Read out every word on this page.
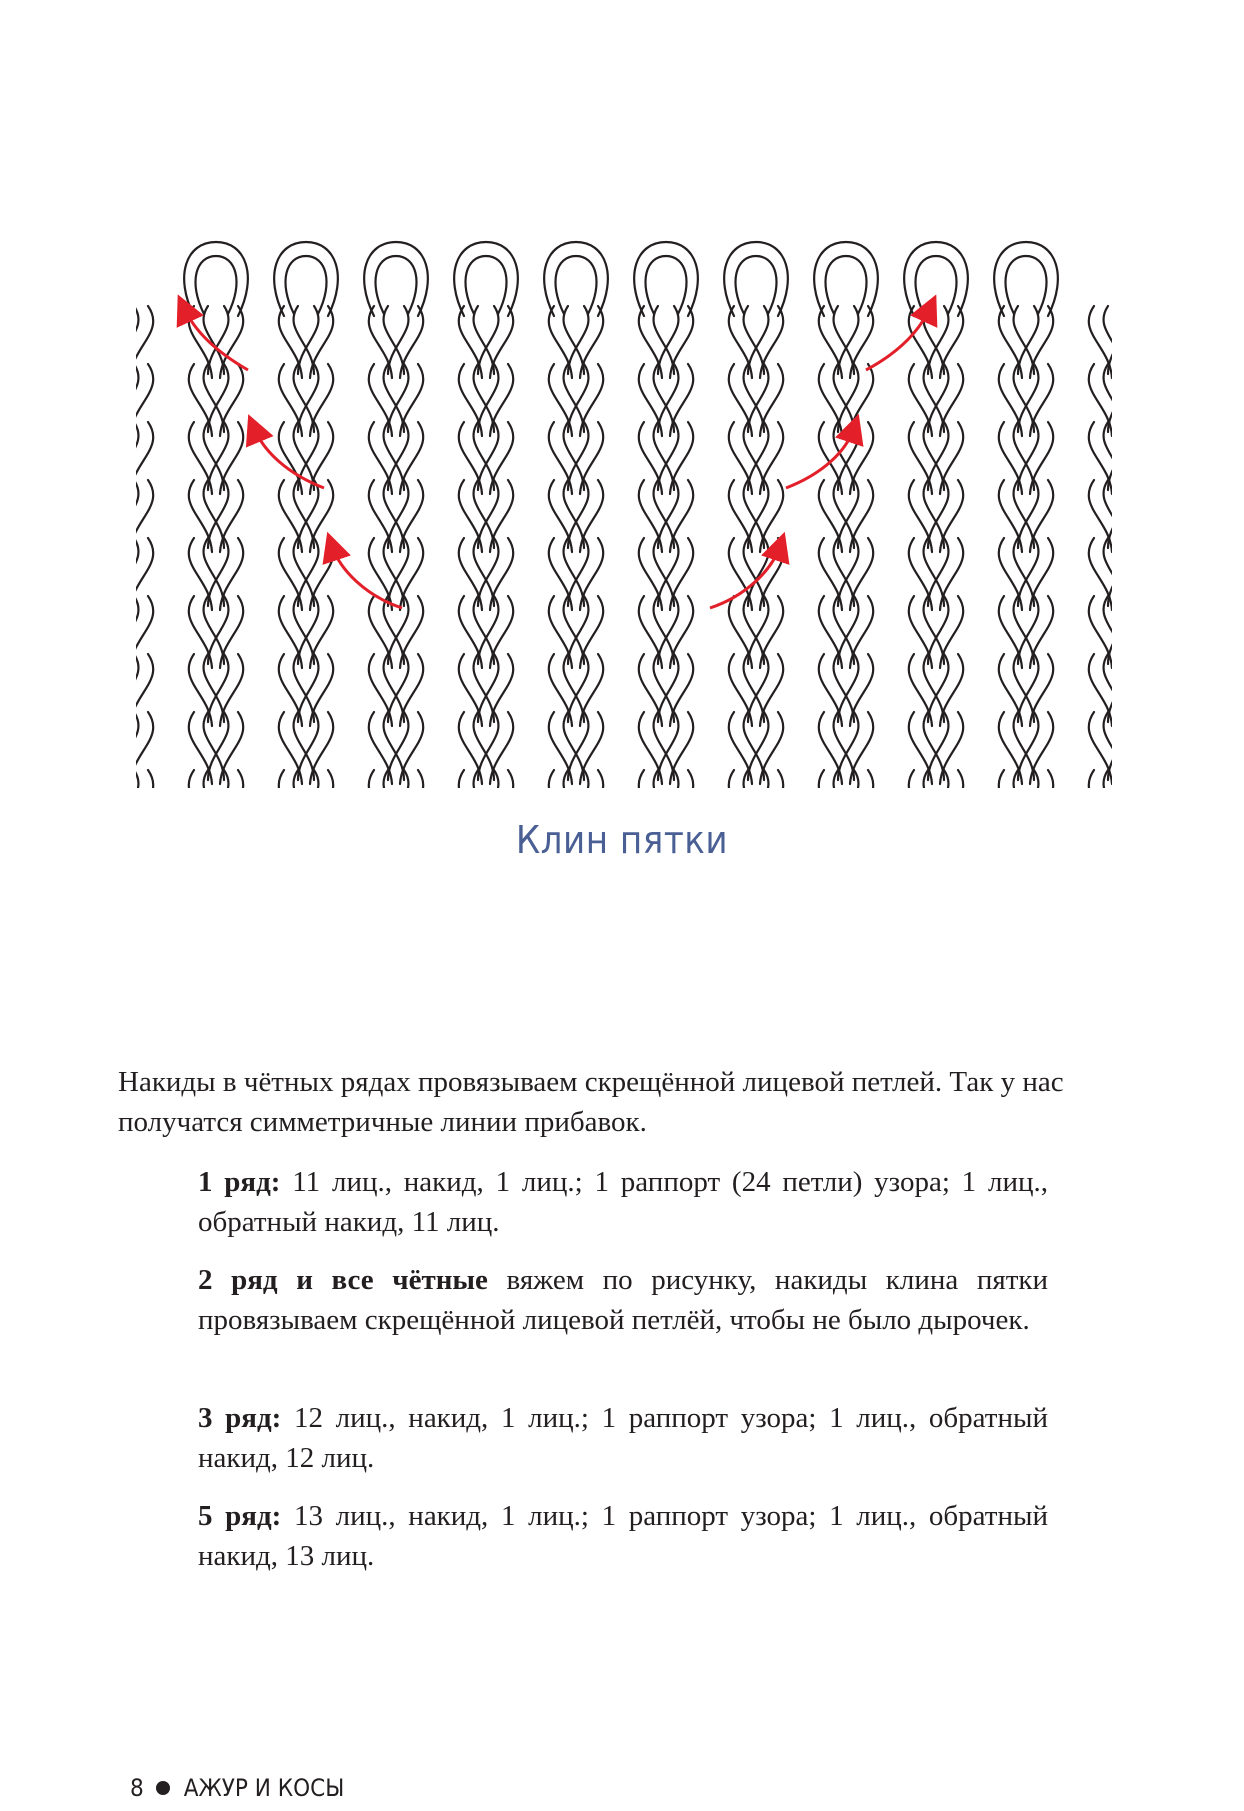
Клин пятки

Накиды в чётных рядах провязываем скрещённой лицевой петлей. Так у нас получатся симметричные линии прибавок.

1 ряд: 11 лиц., накид, 1 лиц.; 1 раппорт (24 петли) узора; 1 лиц., обратный накид, 11 лиц.

2 ряд и все чётные вяжем по рисунку, накиды клина пятки провязываем скрещённой лицевой петлёй, чтобы не было дырочек.

3 ряд: 12 лиц., накид, 1 лиц.; 1 раппорт узора; 1 лиц., обратный накид, 12 лиц.

5 ряд: 13 лиц., накид, 1 лиц.; 1 раппорт узора; 1 лиц., обратный накид, 13 лиц.

8 АЖУР И КОСЫ
